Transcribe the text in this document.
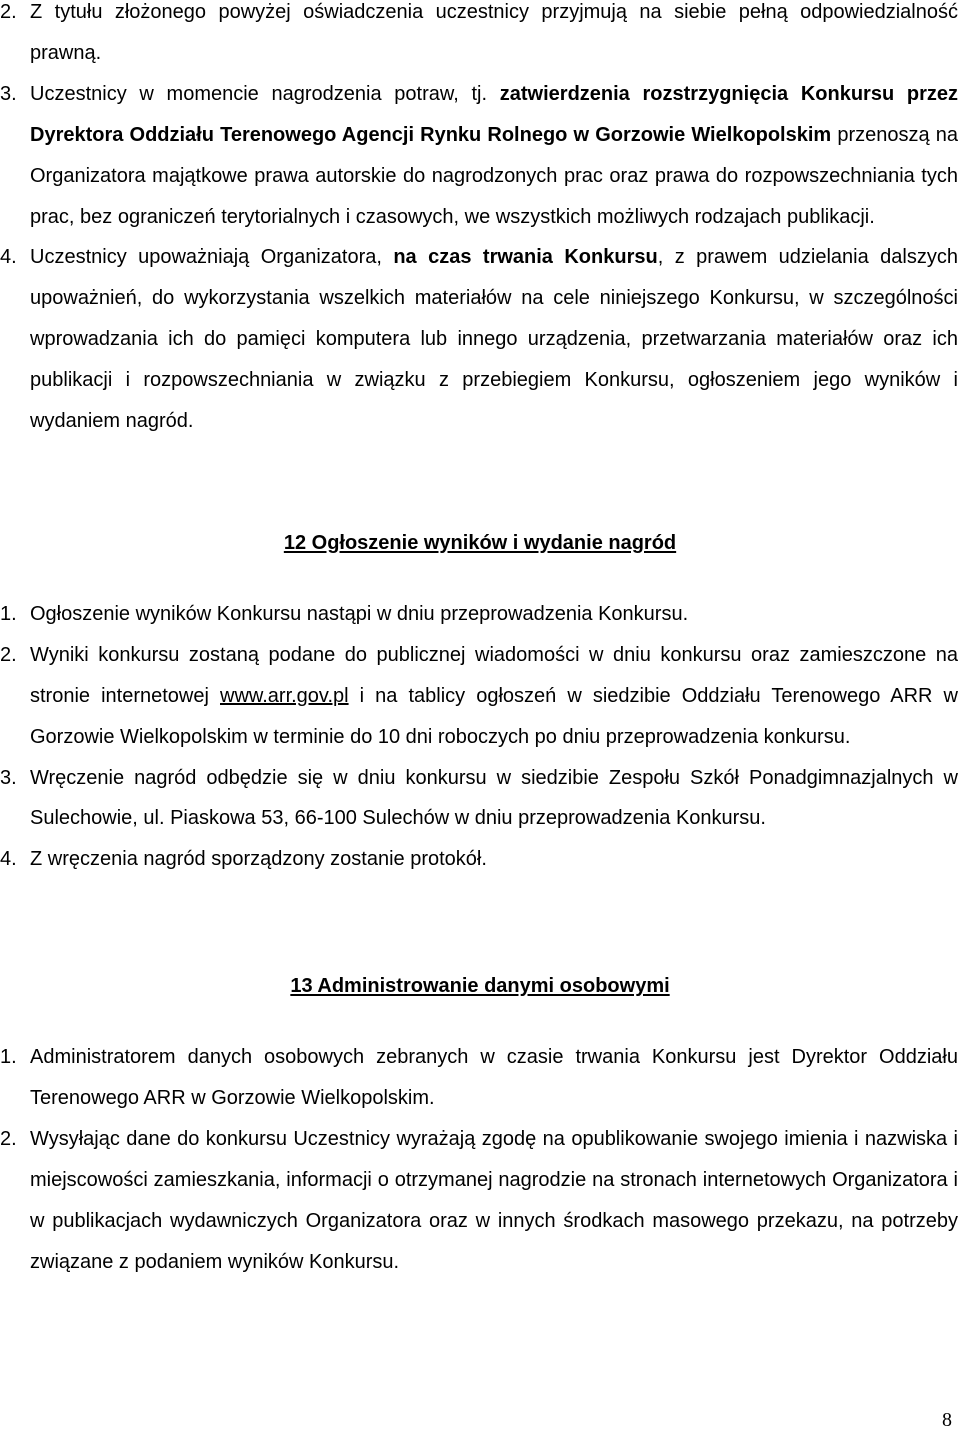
2. Z tytułu złożonego powyżej oświadczenia uczestnicy przyjmują na siebie pełną odpowiedzialność prawną.

3. Uczestnicy w momencie nagrodzenia potraw, tj. zatwierdzenia rozstrzygnięcia Konkursu przez Dyrektora Oddziału Terenowego Agencji Rynku Rolnego w Gorzowie Wielkopolskim przenoszą na Organizatora majątkowe prawa autorskie do nagrodzonych prac oraz prawa do rozpowszechniania tych prac, bez ograniczeń terytorialnych i czasowych, we wszystkich możliwych rodzajach publikacji.

4. Uczestnicy upoważniają Organizatora, na czas trwania Konkursu, z prawem udzielania dalszych upoważnień, do wykorzystania wszelkich materiałów na cele niniejszego Konkursu, w szczególności wprowadzania ich do pamięci komputera lub innego urządzenia, przetwarzania materiałów oraz ich publikacji i rozpowszechniania w związku z przebiegiem Konkursu, ogłoszeniem jego wyników i wydaniem nagród.

12 Ogłoszenie wyników i wydanie nagród

1. Ogłoszenie wyników Konkursu nastąpi w dniu przeprowadzenia Konkursu.

2. Wyniki konkursu zostaną podane do publicznej wiadomości w dniu konkursu oraz zamieszczone na stronie internetowej www.arr.gov.pl i na tablicy ogłoszeń w siedzibie Oddziału Terenowego ARR w Gorzowie Wielkopolskim w terminie do 10 dni roboczych po dniu przeprowadzenia konkursu.

3. Wręczenie nagród odbędzie się w dniu konkursu w siedzibie Zespołu Szkół Ponadgimnazjalnych w Sulechowie, ul. Piaskowa 53, 66-100 Sulechów w dniu przeprowadzenia Konkursu.

4. Z wręczenia nagród sporządzony zostanie protokół.

13 Administrowanie danymi osobowymi

1. Administratorem danych osobowych zebranych w czasie trwania Konkursu jest Dyrektor Oddziału Terenowego ARR w Gorzowie Wielkopolskim.

2. Wysyłając dane do konkursu Uczestnicy wyrażają zgodę na opublikowanie swojego imienia i nazwiska i miejscowości zamieszkania, informacji o otrzymanej nagrodzie na stronach internetowych Organizatora i w publikacjach wydawniczych Organizatora oraz w innych środkach masowego przekazu, na potrzeby związane z podaniem wyników Konkursu.

8
